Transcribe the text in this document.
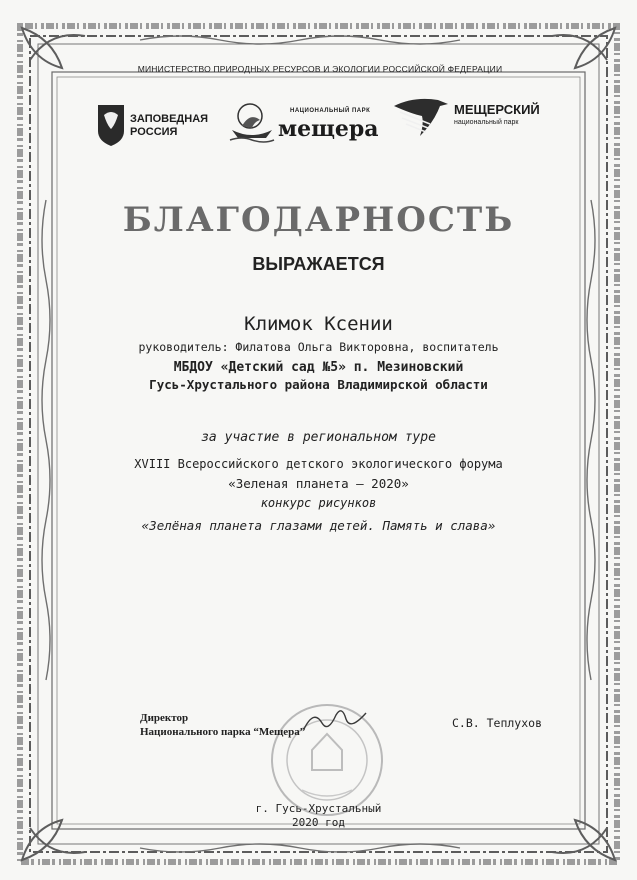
МИНИСТЕРСТВО ПРИРОДНЫХ РЕСУРСОВ И ЭКОЛОГИИ РОССИЙСКОЙ ФЕДЕРАЦИИ
ЗАПОВЕДНАЯ
РОССИЯ
НАЦИОНАЛЬНЫЙ ПАРК
мещера
МЕЩЕРСКИЙ
национальный парк
БЛАГОДАРНОСТЬ
ВЫРАЖАЕТСЯ
Климок Ксении
руководитель: Филатова Ольга Викторовна, воспитатель
МБДОУ «Детский сад №5» п. Мезиновский
Гусь-Хрустального района Владимирской области
за участие в региональном туре
XVIII Всероссийского детского экологического форума
«Зеленая планета — 2020»
конкурс рисунков
«Зелёная планета глазами детей. Память и слава»
Директор
Национального парка “Мещера”
С.В. Теплухов
г. Гусь-Хрустальный
2020 год
